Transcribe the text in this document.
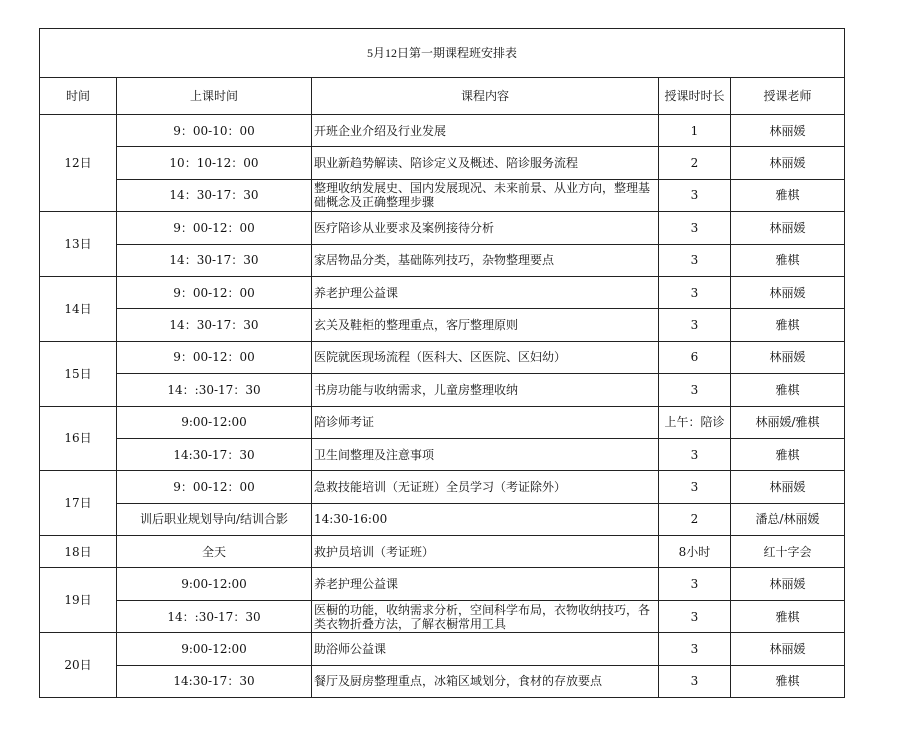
5月12日第一期课程班安排表				
时间	上课时间	课程内容	授课时时长	授课老师
12日	9：00-10：00	开班企业介绍及行业发展	1	林丽媛
	10：10-12：00	职业新趋势解读、陪诊定义及概述、陪诊服务流程	2	林丽媛
	14：30-17：30	整理收纳发展史、国内发展现况、未来前景、从业方向，整理基础概念及正确整理步骤	3	雅棋
13日	9：00-12：00	医疗陪诊从业要求及案例接待分析	3	林丽媛
	14：30-17：30	家居物品分类，基础陈列技巧，杂物整理要点	3	雅棋
14日	9：00-12：00	养老护理公益课	3	林丽媛
	14：30-17：30	玄关及鞋柜的整理重点，客厅整理原则	3	雅棋
15日	9：00-12：00	医院就医现场流程（医科大、区医院、区妇幼）	6	林丽媛
	14：:30-17：30	书房功能与收纳需求，儿童房整理收纳	3	雅棋
16日	9:00-12:00	陪诊师考证	上午：陪诊	林丽媛/雅棋
	14:30-17：30	卫生间整理及注意事项	3	雅棋
17日	9：00-12：00	急救技能培训（无证班）全员学习（考证除外）	3	林丽媛
	训后职业规划导向/结训合影	14:30-16:00	2	潘总/林丽媛
18日	全天	救护员培训（考证班）	8小时	红十字会
19日	9:00-12:00	养老护理公益课	3	林丽媛
	14：:30-17：30	医橱的功能，收纳需求分析，空间科学布局，衣物收纳技巧，各类衣物折叠方法，了解衣橱常用工具	3	雅棋
20日	9:00-12:00	助浴师公益课	3	林丽媛
	14:30-17：30	餐厅及厨房整理重点，冰箱区域划分，食材的存放要点	3	雅棋
